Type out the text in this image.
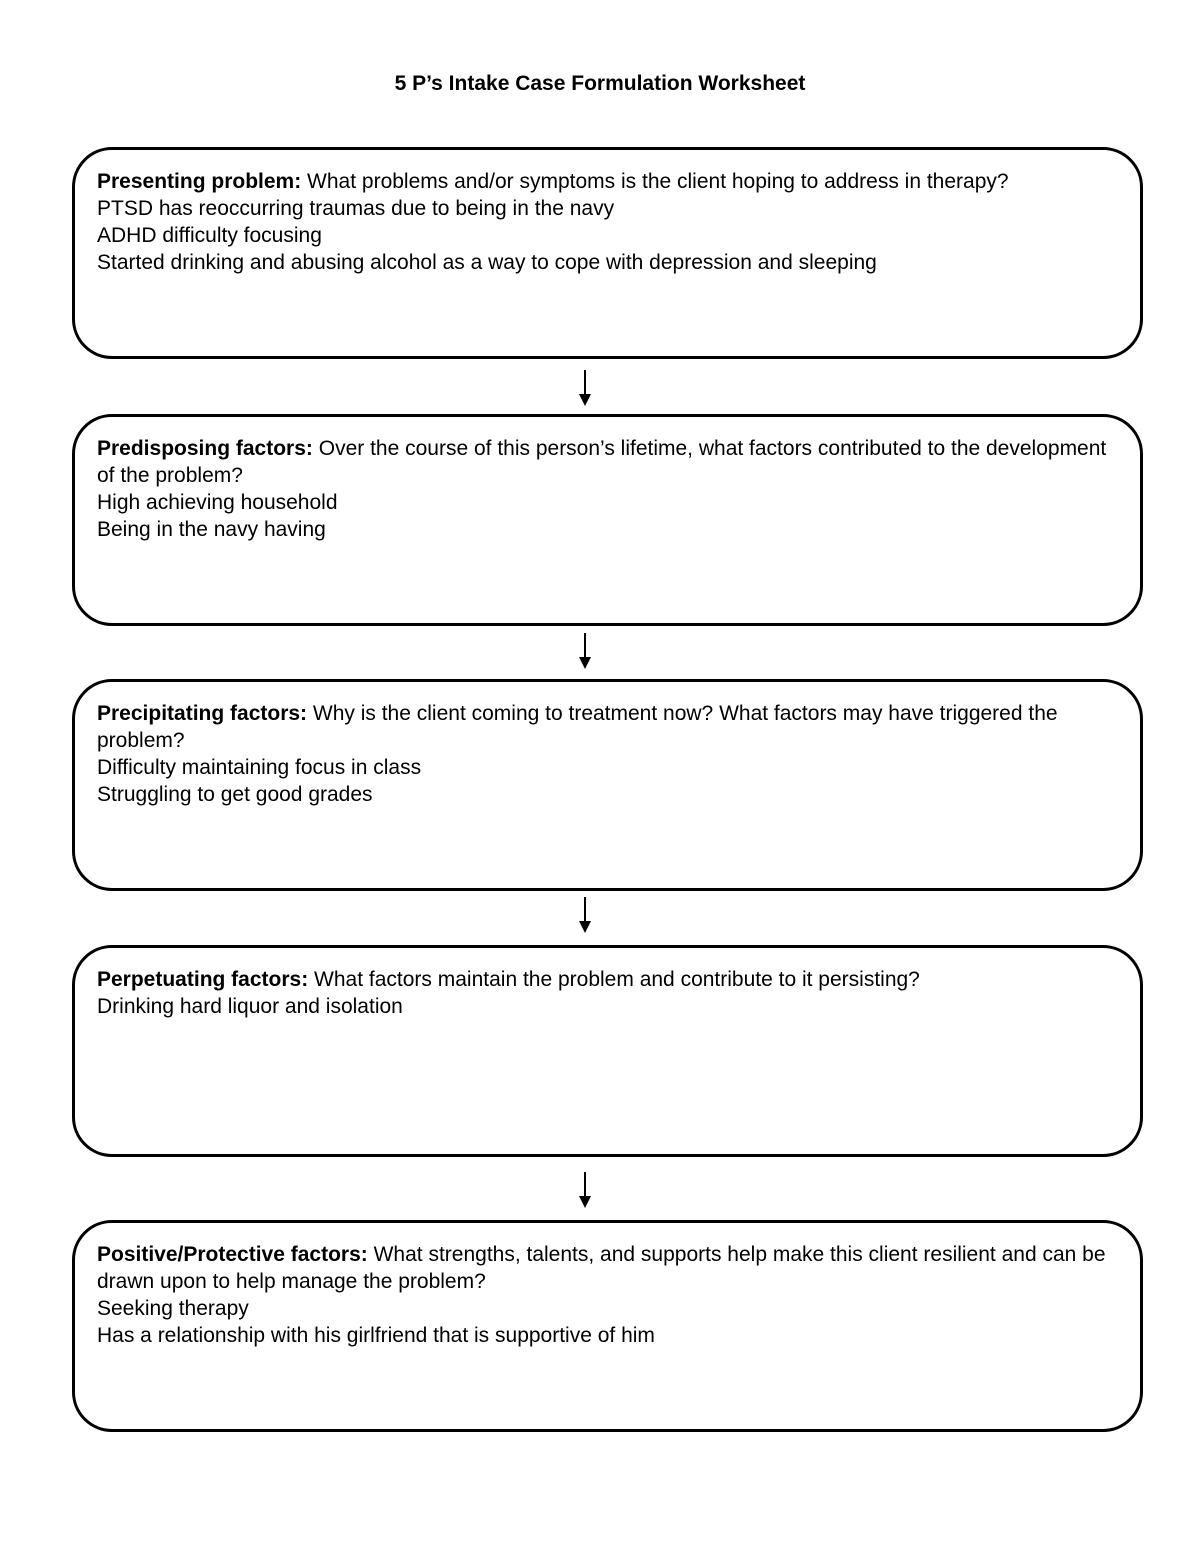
5 P’s Intake Case Formulation Worksheet

Presenting problem: What problems and/or symptoms is the client hoping to address in therapy?

PTSD has reoccurring traumas due to being in the navy

ADHD difficulty focusing

Started drinking and abusing alcohol as a way to cope with depression and sleeping

Predisposing factors: Over the course of this person’s lifetime, what factors contributed to the development of the problem?

High achieving household

Being in the navy having

Precipitating factors: Why is the client coming to treatment now? What factors may have triggered the problem?

Difficulty maintaining focus in class

Struggling to get good grades

Perpetuating factors: What factors maintain the problem and contribute to it persisting?

Drinking hard liquor and isolation

Positive/Protective factors: What strengths, talents, and supports help make this client resilient and can be drawn upon to help manage the problem?

Seeking therapy

Has a relationship with his girlfriend that is supportive of him
